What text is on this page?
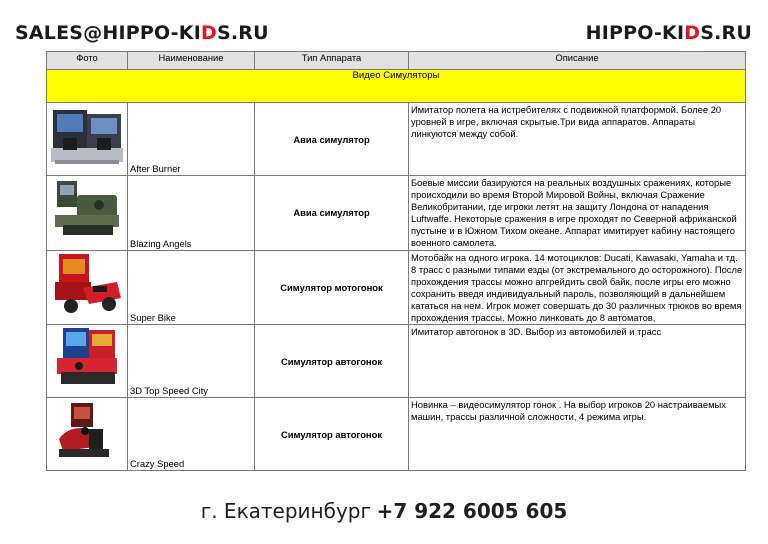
SALES@HIPPO-KIDS.RU	HIPPO-KIDS.RU
Фото	Наименование	Тип Аппарата	Описание
Видео Симуляторы			

	After Burner	Авиа симулятор	Имитатор полета на истребителях с подвижной платформой. Более 20 уровней в игре, включая скрытые.Три вида аппаратов. Аппараты линкуются между собой.

	Blazing Angels	Авиа симулятор	Боевые миссии базируются на реальных воздушных сражениях, которые происходили во время Второй Мировой Войны, включая Сражение Великобритании, где игроки летят на защиту Лондона от нападения Luftwaffe. Некоторые сражения в игре проходят по Северной африканской пустыне и в Южном Тихом океане. Аппарат имитирует кабину настоящего военного самолета.

	Super Bike	Симулятор мотогонок	Мотобайк на одного игрока. 14 мотоциклов: Ducati, Kawasaki, Yamaha и тд. 8 трасс с разными типами езды (от экстремального до осторожного). После прохождения трассы можно апгрейдить свой байк, после игры его можно сохранить введя индивидуальный пароль, позволяющий в дальнейшем кататься на нем. Игрок может совершать до 30 различных трюков во время прохождения трассы. Можно линковать до 8 автоматов,

	3D Top Speed City	Симулятор автогонок	Имитатор автогонок в 3D. Выбор из автомобилей и трасс

	Crazy Speed	Симулятор автогонок	Новинка – видеосимулятор гонок . На выбор игроков 20 настраиваемых машин, трассы различной сложности, 4 режима игры.
г. Екатеринбург +7 922 6005 605
